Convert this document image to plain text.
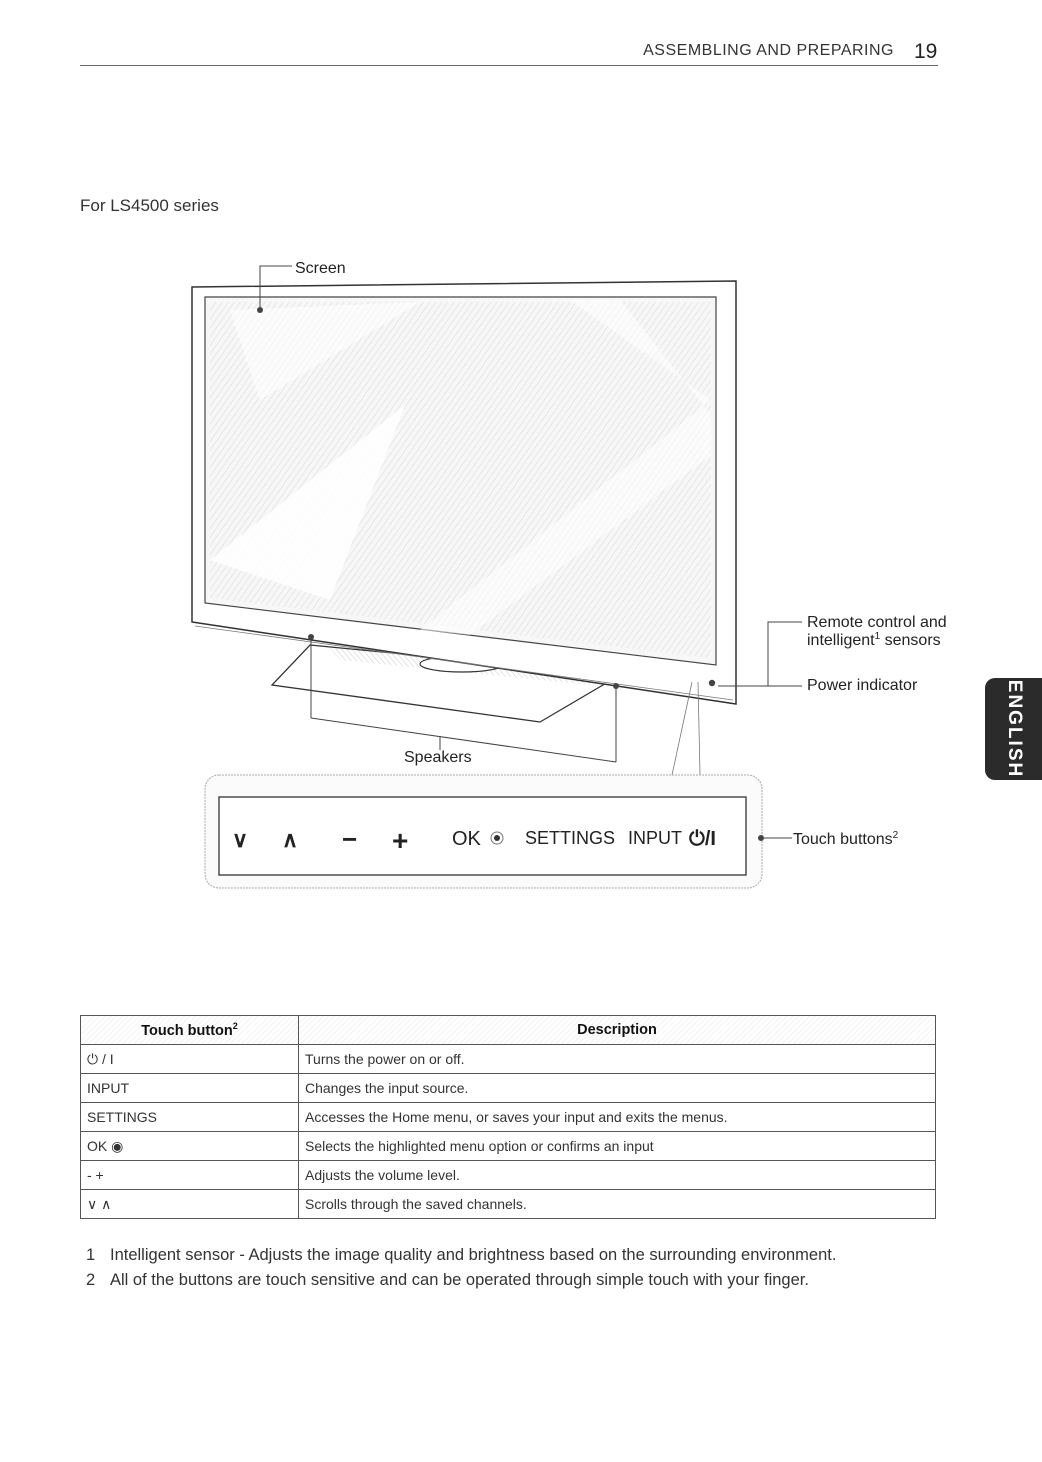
ASSEMBLING AND PREPARING 19
For LS4500 series
ENGLISH
Speakers
Screen
Remote control and
intelligent$^1$ sensors
Power indicator
∨ ∧ − + OK SETTINGS INPUT ⏻/I	Touch buttons$^2$
Touch button$^2$	Description
⏻ / I	Turns the power on or off.
INPUT	Changes the input source.
SETTINGS	Accesses the Home menu, or saves your input and exits the menus.
OK ◉	Selects the highlighted menu option or confirms an input
- +	Adjusts the volume level.
∨ ∧	Scrolls through the saved channels.
1 Intelligent sensor - Adjusts the image quality and brightness based on the surrounding environment.
2 All of the buttons are touch sensitive and can be operated through simple touch with your finger.
